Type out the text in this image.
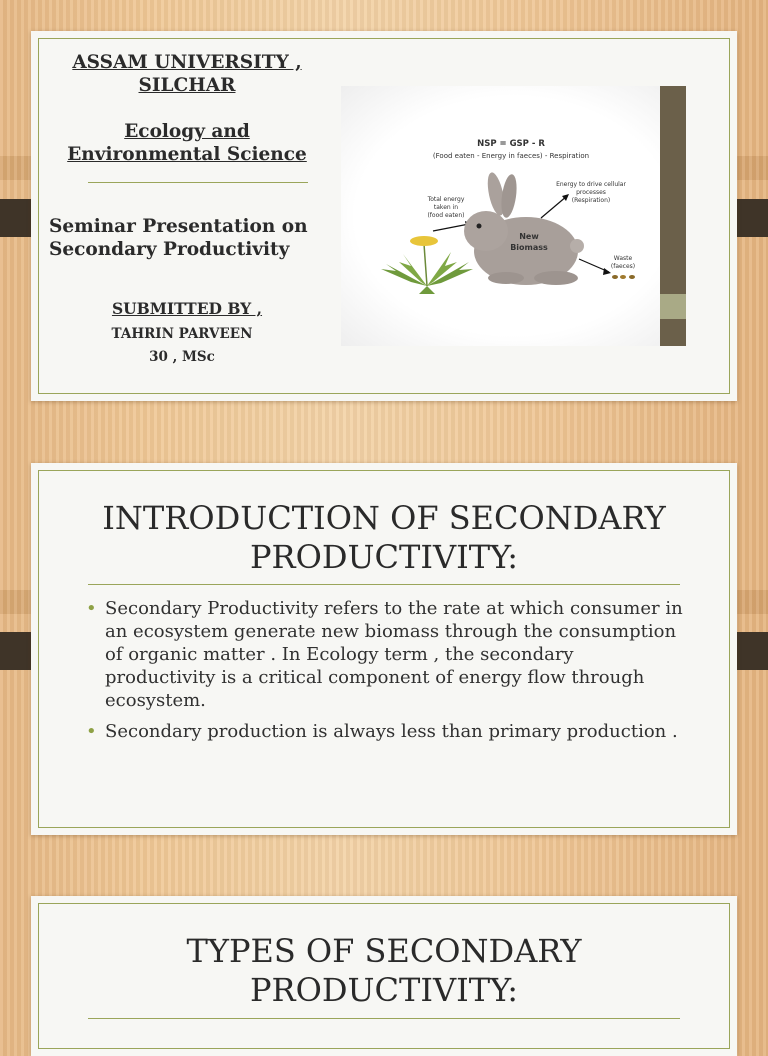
ASSAM UNIVERSITY ,
SILCHAR
Ecology and
Environmental Science
Seminar Presentation on
Secondary Productivity
SUBMITTED BY ,
TAHRIN PARVEEN
30 , MSc
NSP = GSP - R
(Food eaten - Energy in faeces) - Respiration
Total energy
taken in
(food eaten)
Energy to drive cellular
processes
(Respiration)
New
Biomass
Waste
(faeces)
INTRODUCTION OF SECONDARY
PRODUCTIVITY:
• Secondary Productivity refers to the rate at which consumer in an ecosystem generate new biomass through the consumption of organic matter . In Ecology term , the secondary productivity is a critical component of energy flow through ecosystem.
• Secondary production is always less than primary production .
TYPES OF SECONDARY
PRODUCTIVITY:
